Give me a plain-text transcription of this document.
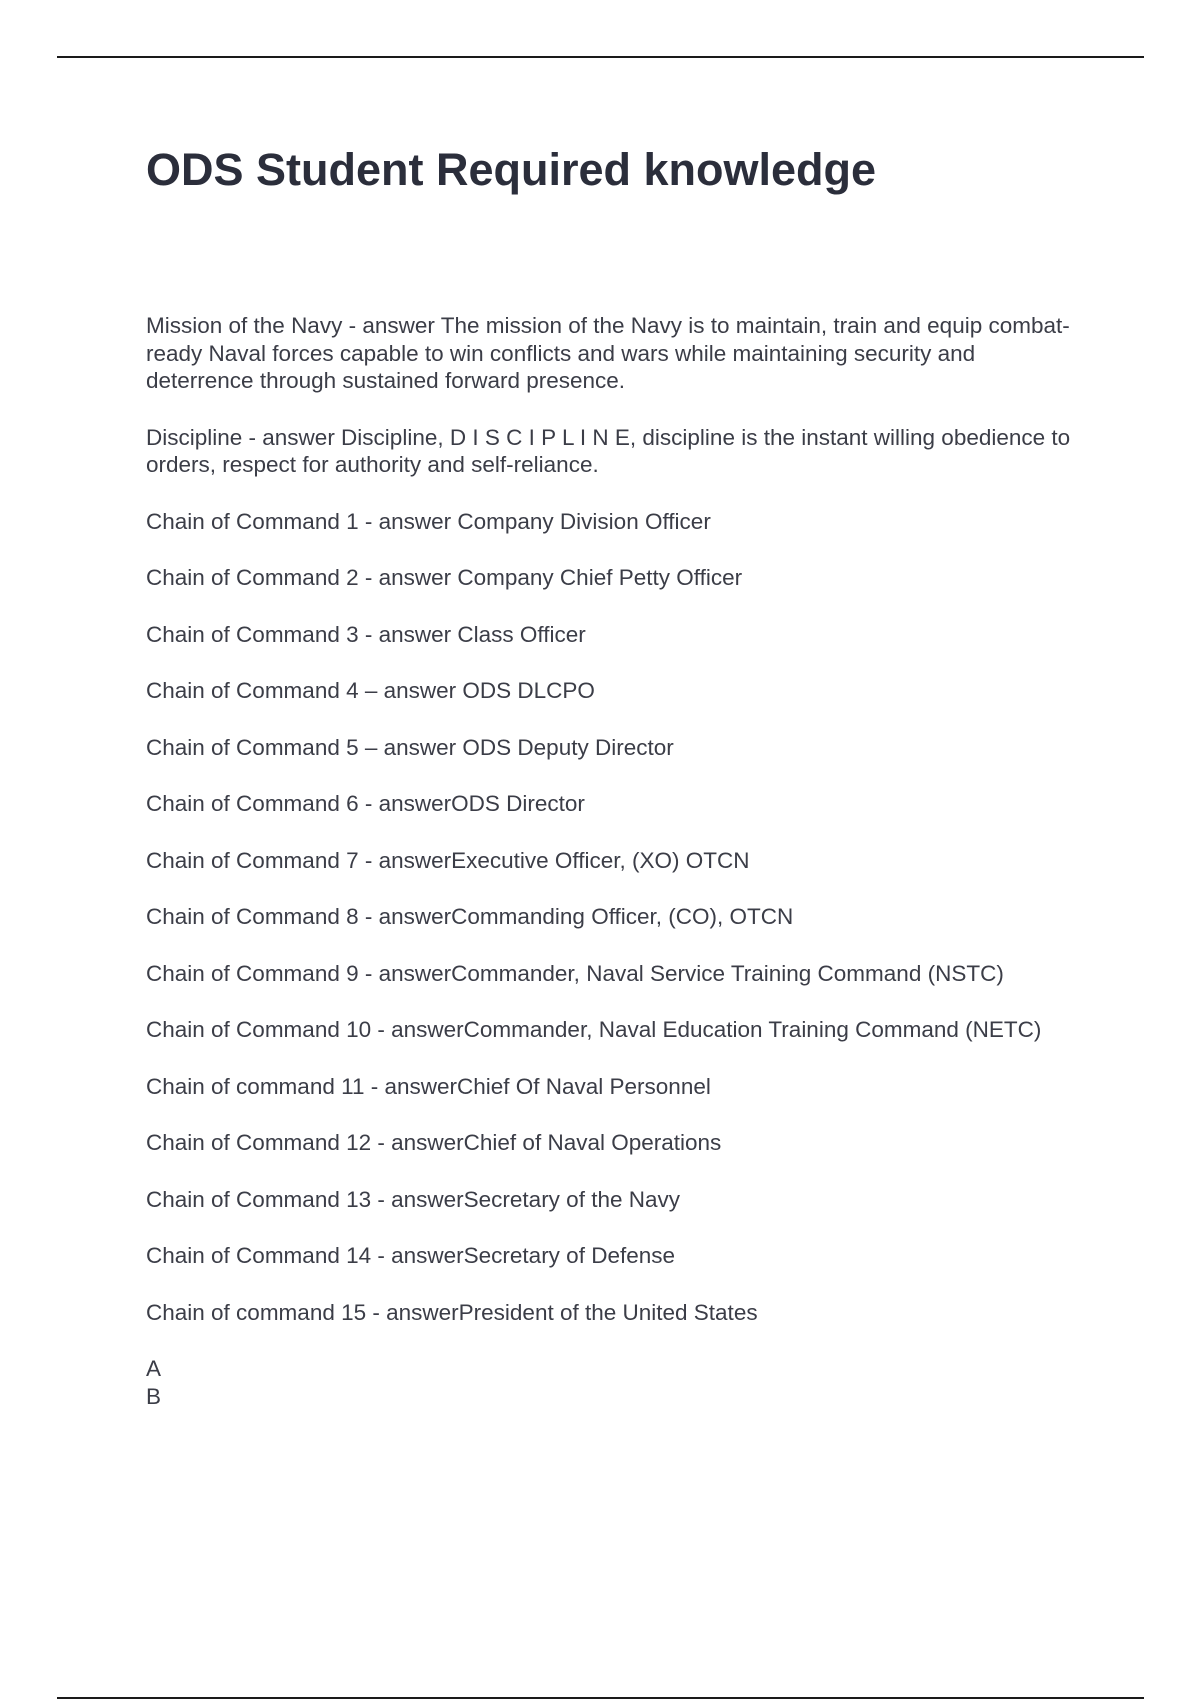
ODS Student Required knowledge

Mission of the Navy - answer The mission of the Navy is to maintain, train and equip combat-ready Naval forces capable to win conflicts and wars while maintaining security and deterrence through sustained forward presence.

Discipline - answer Discipline, D I S C I P L I N E, discipline is the instant willing obedience to orders, respect for authority and self-reliance.

Chain of Command 1 - answer Company Division Officer

Chain of Command 2 - answer Company Chief Petty Officer

Chain of Command 3 - answer Class Officer

Chain of Command 4 – answer ODS DLCPO

Chain of Command 5 – answer ODS Deputy Director

Chain of Command 6 - answerODS Director

Chain of Command 7 - answerExecutive Officer, (XO) OTCN

Chain of Command 8 - answerCommanding Officer, (CO), OTCN

Chain of Command 9 - answerCommander, Naval Service Training Command (NSTC)

Chain of Command 10 - answerCommander, Naval Education Training Command (NETC)

Chain of command 11 - answerChief Of Naval Personnel

Chain of Command 12 - answerChief of Naval Operations

Chain of Command 13 - answerSecretary of the Navy

Chain of Command 14 - answerSecretary of Defense

Chain of command 15 - answerPresident of the United States

A

B
